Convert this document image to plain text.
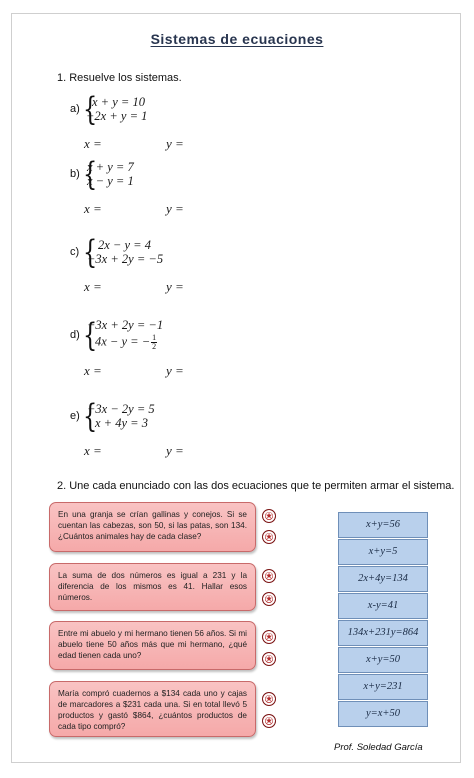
Sistemas de ecuaciones
1. Resuelve los sistemas.
a) {
x + y = 10
−2x + y = 1
x =	y =
b) {
x + y = 7
x − y = 1
x =	y =
c) { 2x − y = 4
−3x + 2y = −5
x =	y =
d) {
−3x + 2y = −1
4x − y = − $\frac{1}{2}$
x =	y =
e) {
−3x − 2y = 5
x + 4y = 3
x =	y =
2. Une cada enunciado con las dos ecuaciones que te permiten armar el sistema.
En una granja se crían gallinas y conejos. Si se cuentan las cabezas, son 50, si las patas, son 134. ¿Cuántos animales hay de cada clase?
La suma de dos números es igual a 231 y la diferencia de los mismos es 41. Hallar esos números.
Entre mi abuelo y mi hermano tienen 56 años. Si mi abuelo tiene 50 años más que mi hermano, ¿qué edad tienen cada uno?
María compró cuadernos a $134 cada uno y cajas de marcadores a $231 cada una. Si en total llevó 5 productos y gastó $864, ¿cuántos productos de cada tipo compró?
✪
✪
✪
✪
✪
✪
✪
✪
x+y=56
x+y=5
2x+4y=134
x-y=41
134x+231y=864
x+y=50
x+y=231
y=x+50
Prof. Soledad García
